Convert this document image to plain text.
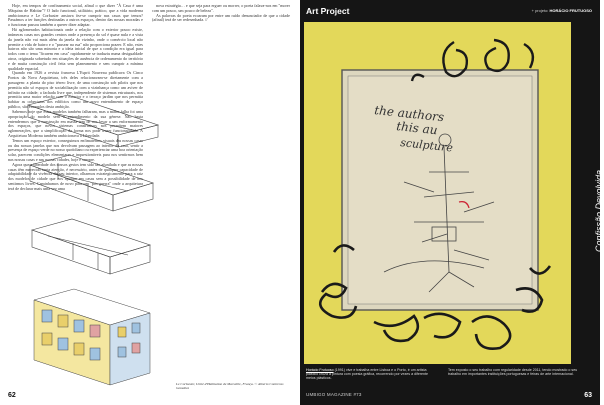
Hoje, em tempos de confinamento social, afinal o que dizer "À Casa é uma Máquina de Habitar"? O lado funcional, utilitário, prático, que a vida moderna ambicionava e Le Corbusier ansiava fez-se cumprir nas casas que temos? Passámos a ter funções destinadas a outros espaços, dentro das nossas moradas e o funcionar passou também a querer dizer adaptar.

Há aglomerados habitacionais onde a relação com o exterior pouco existe, inúmeras casas nos grandes centros onde a presença do sol é quase nula e a vista da janela não vai mais além da janela do vizinho, onde o comércio local não permite a vida de bairro e o "passear na rua" não proporciona prazer. E não, estes bairros não são uma minoria e a ideia inicial de que a condição era igual para todos com o tema "ficarem em casa" rapidamente se traduziu numa desigualdade atroz, originada sobretudo em situações de ausência de ordenamento do território e de muita construção civil feita sem planeamento e sem cumprir a mínima qualidade espacial.

Quando em 1926 a revista francesa L'Esprit Nouveau publicava Os Cinco Pontos da Nova Arquitetura, três deles relacionavam-se diretamente com a passagem: a planta do piso térreo livre, de uma construção sob pilotis que nos permitia não só espaços de sociabilização com a vizinhança como um aviver de infinito na cidade; a fachada livre que, independente de sistemas estruturais, nos permitia uma maior relação com o exterior e o terraço jardim que nos permitia habitar as coberturas dos edifícios como um novo entendimento de espaço público, são exemplos desta ambição.

Sabemos hoje que estes modelos também falharam, mas a maior falha foi uma apropriação do modelo sem o entendimento da sua génese. Não basta entendermos que a construção em massa tem de nos levar a um enformamento dos espaços, que novos sistemas construtivos nos permitem maiores aglomerações, que a simplificação da forma nos pode trazer funcionalidade. A Arquitetura Moderna também ambicionava a Liberdade.

Temos um espaço exterior, conseguimos enfimaternos visuais das nossas casas ou das nossas janelas que nos devolvam passagem ao interior da casa, sentir a presença de espaço verde no nosso quotidiano ou experienciar uma boa orientação solar, parecem condições elementares e inquestionáveis para nos sentirmos bem nas nossas casas e nas nossas cidades, hoje e sempre.

Agora que a liberdade dos nossos gestos tem sido tão afunilada e que as nossas casas têm merecido tanta atenção, é necessário, antes de qualquer capacidade de adaptabilidade da vivência do seu interior, olharmos estrategicamente para a raiz dos modelos de cidade que nos apoiam em casas sem a possibilidade de nos sentirmos livres. Caminhamos de novo para um "pós-guerra" onde a arquitetura terá de declarar mais uma vez uma

nova estratégia… e que seja para erguer ou morrer, o poeta falava-nos em "morer com um pouco, um pouco de beleza".

As palavras do poeta ecoaram por entre um ruído denunciador de que a cidade (afinal) terá de ser redesenhada. //

Le Corbusier, Unité d'Habitation de Marseille, França. © Alberto Contreras González
62
Art Project	+ projeto: HORÁCIO FRUTUOSO
the authors
this au
sculpture
Confissão Devolvida
Horácio Frutuoso (1991) vive e trabalha entre Lisboa e o Porto, é um artista plástico cruza a pintura com poesia gráfica, recorrendo por vezes a diferente meios plásticos.
Tem exposto o seu trabalho com regularidade desde 2011, tendo mostrado o seu trabalho em importantes instituições portuguesas e feiras de arte internacional.
UMBIGO MAGAZINE #73	63
